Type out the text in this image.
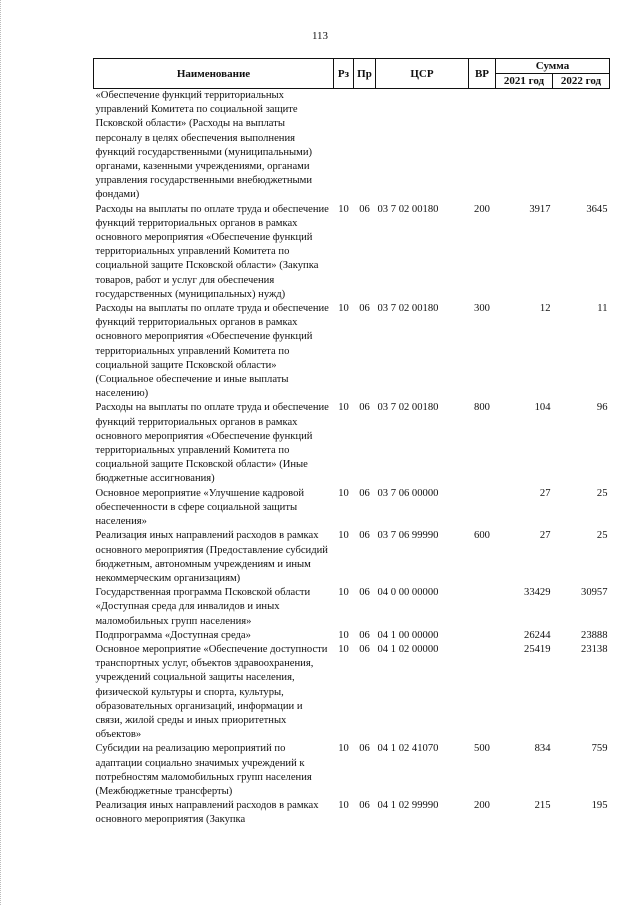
113
Наименование	Рз	Пр	ЦСР	ВР	Сумма	
					2021 год	2022 год
«Обеспечение функций территориальных управлений Комитета по социальной защите Псковской области» (Расходы на выплаты персоналу в целях обеспечения выполнения функций государственными (муниципальными) органами, казенными учреждениями, органами управления государственными внебюджетными фондами)						
Расходы на выплаты по оплате труда и обеспечение функций территориальных органов в рамках основного мероприятия «Обеспечение функций территориальных управлений Комитета по социальной защите Псковской области» (Закупка товаров, работ и услуг для обеспечения государственных (муниципальных) нужд)	10	06	03 7 02 00180	200	3917	3645
Расходы на выплаты по оплате труда и обеспечение функций территориальных органов в рамках основного мероприятия «Обеспечение функций территориальных управлений Комитета по социальной защите Псковской области» (Социальное обеспечение и иные выплаты населению)	10	06	03 7 02 00180	300	12	11
Расходы на выплаты по оплате труда и обеспечение функций территориальных органов в рамках основного мероприятия «Обеспечение функций территориальных управлений Комитета по социальной защите Псковской области» (Иные бюджетные ассигнования)	10	06	03 7 02 00180	800	104	96
Основное мероприятие «Улучшение кадровой обеспеченности в сфере социальной защиты населения»	10	06	03 7 06 00000		27	25
Реализация иных направлений расходов в рамках основного мероприятия (Предоставление субсидий бюджетным, автономным учреждениям и иным некоммерческим организациям)	10	06	03 7 06 99990	600	27	25
Государственная программа Псковской области «Доступная среда для инвалидов и иных маломобильных групп населения»	10	06	04 0 00 00000		33429	30957
Подпрограмма «Доступная среда»	10	06	04 1 00 00000		26244	23888
Основное мероприятие «Обеспечение доступности транспортных услуг, объектов здравоохранения, учреждений социальной защиты населения, физической культуры и спорта, культуры, образовательных организаций, информации и связи, жилой среды и иных приоритетных объектов»	10	06	04 1 02 00000		25419	23138
Субсидии на реализацию мероприятий по адаптации социально значимых учреждений к потребностям маломобильных групп населения (Межбюджетные трансферты)	10	06	04 1 02 41070	500	834	759
Реализация иных направлений расходов в рамках основного мероприятия (Закупка	10	06	04 1 02 99990	200	215	195
